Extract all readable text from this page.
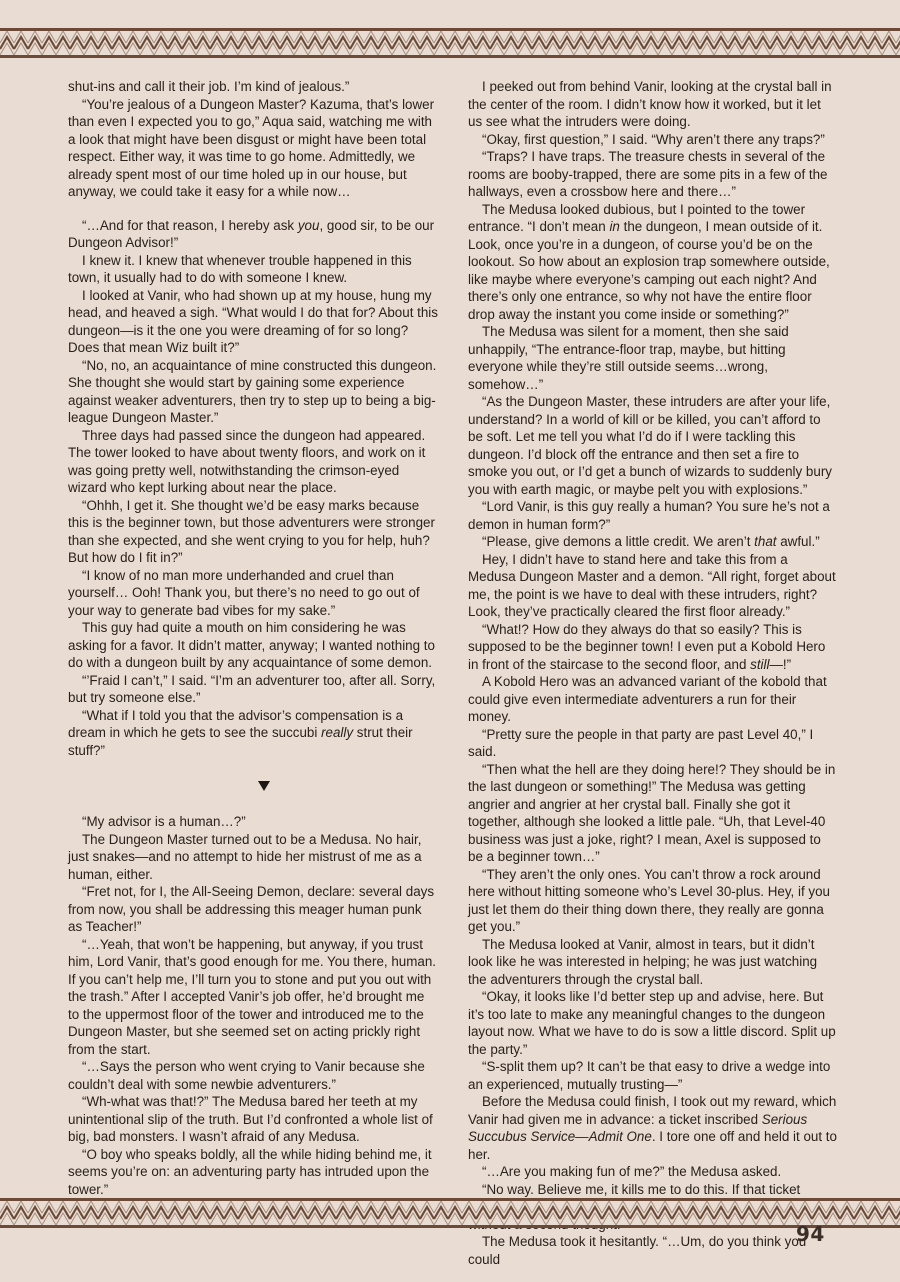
shut-ins and call it their job. I’m kind of jealous.”

“You’re jealous of a Dungeon Master? Kazuma, that’s lower than even I expected you to go,” Aqua said, watching me with a look that might have been disgust or might have been total respect. Either way, it was time to go home. Admittedly, we already spent most of our time holed up in our house, but anyway, we could take it easy for a while now…

“…And for that reason, I hereby ask you, good sir, to be our Dungeon Advisor!”

I knew it. I knew that whenever trouble happened in this town, it usually had to do with someone I knew.

I looked at Vanir, who had shown up at my house, hung my head, and heaved a sigh. “What would I do that for? About this dungeon—is it the one you were dreaming of for so long? Does that mean Wiz built it?”

“No, no, an acquaintance of mine constructed this dungeon. She thought she would start by gaining some experience against weaker adventurers, then try to step up to being a big-league Dungeon Master.”

Three days had passed since the dungeon had appeared. The tower looked to have about twenty floors, and work on it was going pretty well, notwithstanding the crimson-eyed wizard who kept lurking about near the place.

“Ohhh, I get it. She thought we’d be easy marks because this is the beginner town, but those adventurers were stronger than she expected, and she went crying to you for help, huh? But how do I fit in?”

“I know of no man more underhanded and cruel than yourself… Ooh! Thank you, but there’s no need to go out of your way to generate bad vibes for my sake.”

This guy had quite a mouth on him considering he was asking for a favor. It didn’t matter, anyway; I wanted nothing to do with a dungeon built by any acquaintance of some demon.

“’Fraid I can’t,” I said. “I’m an adventurer too, after all. Sorry, but try someone else.”

“What if I told you that the advisor’s compensation is a dream in which he gets to see the succubi really strut their stuff?”

“My advisor is a human…?”

The Dungeon Master turned out to be a Medusa. No hair, just snakes—and no attempt to hide her mistrust of me as a human, either.

“Fret not, for I, the All-Seeing Demon, declare: several days from now, you shall be addressing this meager human punk as Teacher!”

“…Yeah, that won’t be happening, but anyway, if you trust him, Lord Vanir, that’s good enough for me. You there, human. If you can’t help me, I’ll turn you to stone and put you out with the trash.” After I accepted Vanir’s job offer, he’d brought me to the uppermost floor of the tower and introduced me to the Dungeon Master, but she seemed set on acting prickly right from the start.

“…Says the person who went crying to Vanir because she couldn’t deal with some newbie adventurers.”

“Wh-what was that!?” The Medusa bared her teeth at my unintentional slip of the truth. But I’d confronted a whole list of big, bad monsters. I wasn’t afraid of any Medusa.

“O boy who speaks boldly, all the while hiding behind me, it seems you’re on: an adventuring party has intruded upon the tower.”

I peeked out from behind Vanir, looking at the crystal ball in the center of the room. I didn’t know how it worked, but it let us see what the intruders were doing.

“Okay, first question,” I said. “Why aren’t there any traps?”

“Traps? I have traps. The treasure chests in several of the rooms are booby-trapped, there are some pits in a few of the hallways, even a crossbow here and there…”

The Medusa looked dubious, but I pointed to the tower entrance. “I don’t mean in the dungeon, I mean outside of it. Look, once you’re in a dungeon, of course you’d be on the lookout. So how about an explosion trap somewhere outside, like maybe where everyone’s camping out each night? And there’s only one entrance, so why not have the entire floor drop away the instant you come inside or something?”

The Medusa was silent for a moment, then she said unhappily, “The entrance-floor trap, maybe, but hitting everyone while they’re still outside seems…wrong, somehow…”

“As the Dungeon Master, these intruders are after your life, understand? In a world of kill or be killed, you can’t afford to be soft. Let me tell you what I’d do if I were tackling this dungeon. I’d block off the entrance and then set a fire to smoke you out, or I’d get a bunch of wizards to suddenly bury you with earth magic, or maybe pelt you with explosions.”

“Lord Vanir, is this guy really a human? You sure he’s not a demon in human form?”

“Please, give demons a little credit. We aren’t that awful.”

Hey, I didn’t have to stand here and take this from a Medusa Dungeon Master and a demon. “All right, forget about me, the point is we have to deal with these intruders, right? Look, they’ve practically cleared the first floor already.”

“What!? How do they always do that so easily? This is supposed to be the beginner town! I even put a Kobold Hero in front of the staircase to the second floor, and still—!”

A Kobold Hero was an advanced variant of the kobold that could give even intermediate adventurers a run for their money.

“Pretty sure the people in that party are past Level 40,” I said.

“Then what the hell are they doing here!? They should be in the last dungeon or something!” The Medusa was getting angrier and angrier at her crystal ball. Finally she got it together, although she looked a little pale. “Uh, that Level-40 business was just a joke, right? I mean, Axel is supposed to be a beginner town…”

“They aren’t the only ones. You can’t throw a rock around here without hitting someone who’s Level 30-plus. Hey, if you just let them do their thing down there, they really are gonna get you.”

The Medusa looked at Vanir, almost in tears, but it didn’t look like he was interested in helping; he was just watching the adventurers through the crystal ball.

“Okay, it looks like I’d better step up and advise, here. But it’s too late to make any meaningful changes to the dungeon layout now. What we have to do is sow a little discord. Split up the party.”

“S-split them up? It can’t be that easy to drive a wedge into an experienced, mutually trusting—”

Before the Medusa could finish, I took out my reward, which Vanir had given me in advance: a ticket inscribed Serious Succubus Service—Admit One. I tore one off and held it out to her.

“…Are you making fun of me?” the Medusa asked.

“No way. Believe me, it kills me to do this. If that ticket

The Medusa took it hesitantly. “…Um, do you think you could

94
